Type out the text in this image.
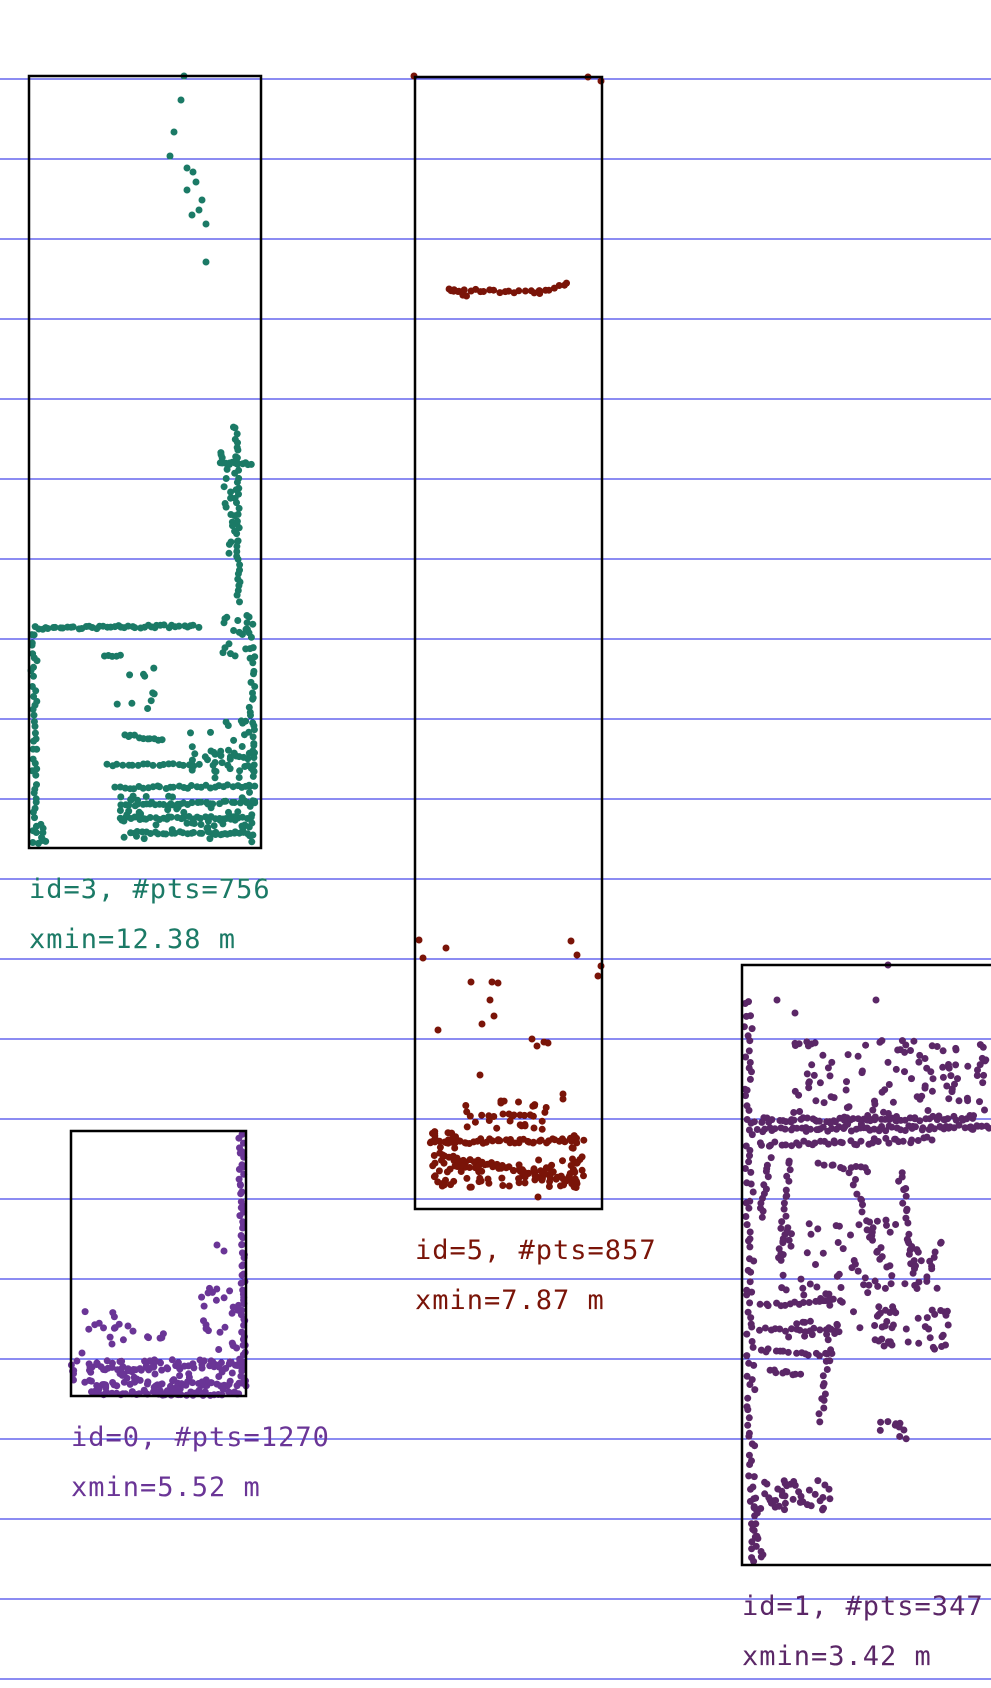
id=3, #pts=756
xmin=12.38 m
id=5, #pts=857
xmin=7.87 m
id=0, #pts=1270
xmin=5.52 m
id=1, #pts=347
xmin=3.42 m
